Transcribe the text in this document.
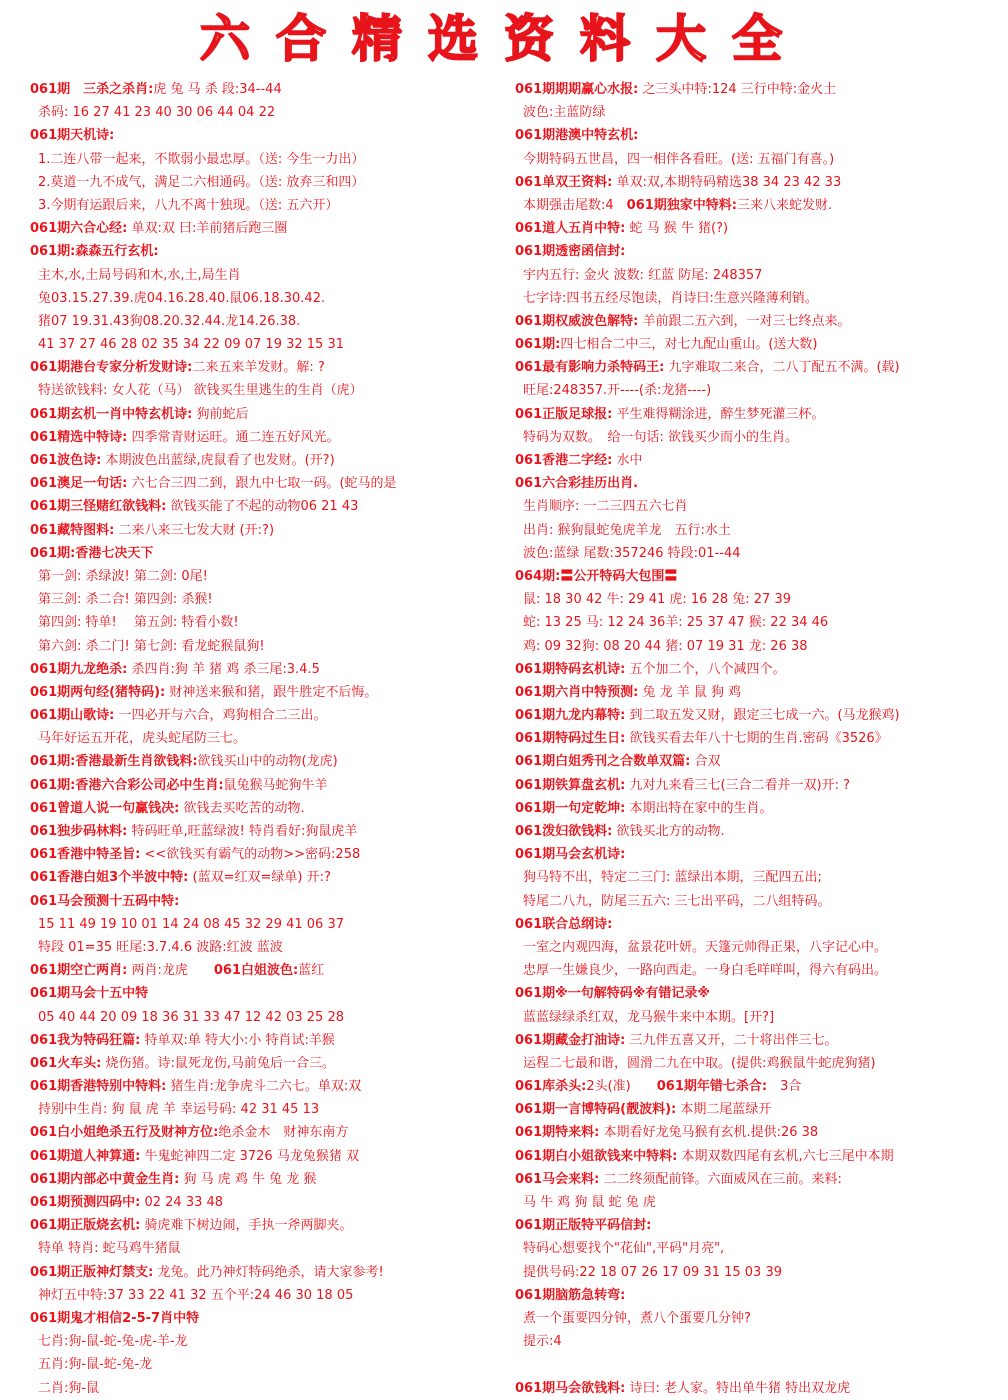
六合精选资料大全
061期　三杀之杀肖:虎 兔 马 杀 段:34--44
杀码: 16 27 41 23 40 30 06 44 04 22
061期天机诗:
1.二连八带一起来，不欺弱小最忠厚。（送: 今生一力出）
2.莫道一九不成气，满足二六相通码。（送: 放弃三和四）
3.今期有运跟后来，八九不离十独现。（送: 五六开）
061期六合心经: 单双:双 曰:羊前猪后跑三圈
061期:森森五行玄机:
主木,水,土局号码和木,水,土,局生肖
兔03.15.27.39.虎04.16.28.40.鼠06.18.30.42.
猪07 19.31.43狗08.20.32.44.龙14.26.38.
41 37 27 46 28 02 35 34 22 09 07 19 32 15 31
061期港台专家分析发财诗:二来五来羊发财。解: ?
特送欲钱料: 女人花（马） 欲钱买生里逃生的生肖（虎）
061期玄机一肖中特玄机诗: 狗前蛇后
061精选中特诗: 四季常青财运旺。通二连五好风光。
061波色诗: 本期波色出蓝绿,虎鼠看了也发财。(开?)
061澳足一句话: 六七合三四二到，跟九中七取一码。(蛇马的是
061期三怪赌红欲钱料: 欲钱买能了不起的动物06 21 43
061藏特图料: 二来八来三七发大财 (开:?)
061期:香港七决天下
第一剑: 杀绿波! 第二剑: 0尾!
第三剑: 杀二合! 第四剑: 杀猴!
第四剑: 特单! 　第五剑: 特看小数!
第六剑: 杀二门! 第七剑: 看龙蛇猴鼠狗!
061期九龙绝杀: 杀四肖:狗 羊 猪 鸡 杀三尾:3.4.5
061期两句经(猪特码): 财神送来猴和猪，跟牛胜定不后悔。
061期山歌诗: 一四必开与六合，鸡狗相合二三出。
马年好运五开花，虎头蛇尾防三七。
061期:香港最新生肖欲钱料:欲钱买山中的动物(龙虎)
061期:香港六合彩公司必中生肖:鼠兔猴马蛇狗牛羊
061曾道人说一句赢钱决: 欲钱去买吃苦的动物.
061独步码林料: 特码旺单,旺蓝绿波! 特肖看好:狗鼠虎羊
061香港中特圣旨: <<欲钱买有霸气的动物>>密码:258
061香港白姐3个半波中特: (蓝双=红双=绿单) 开:?
061马会预测十五码中特:
15 11 49 19 10 01 14 24 08 45 32 29 41 06 37
特段 01=35 旺尾:3.7.4.6 波路:红波 蓝波
061期空亡两肖: 两肖:龙虎　　061白姐波色:蓝红
061期马会十五中特
05 40 44 20 09 18 36 31 33 47 12 42 03 25 28
061我为特码狂篇: 特单双:单 特大小:小 特肖试:羊猴
061火车头: 烧伤猪。诗:鼠死龙伤,马前兔后一合三。
061期香港特别中特料: 猪生肖:龙争虎斗二六七。单双:双
持别中生肖: 狗 鼠 虎 羊 幸运号码: 42 31 45 13
061白小姐绝杀五行及财神方位:绝杀金木　财神东南方
061期道人神算通: 牛鬼蛇神四二定 3726 马龙兔猴猪 双
061期内部必中黄金生肖: 狗 马 虎 鸡 牛 兔 龙 猴
061期预测四码中: 02 24 33 48
061期正版烧玄机: 骑虎难下树边闹，手执一斧两脚夹。
特单 特肖: 蛇马鸡牛猪鼠
061期正版神灯禁支: 龙兔。此乃神灯特码绝杀，请大家参考!
神灯五中特:37 33 22 41 32 五个平:24 46 30 18 05
061期鬼才相信2-5-7肖中特
七肖:狗-鼠-蛇-兔-虎-羊-龙
五肖:狗-鼠-蛇-兔-龙
二肖:狗-鼠
061期期期赢心水报: 之三头中特:124 三行中特:金火土
波色:主蓝防绿
061期港澳中特玄机:
今期特码五世昌，四一相伴各看旺。(送: 五福门有喜。)
061单双王资料: 单双:双,本期特码精选38 34 23 42 33
本期强击尾数:4　061期独家中特料:三来八来蛇发财.
061道人五肖中特: 蛇 马 猴 牛 猪(?)
061期透密函信封:
宇内五行: 金火 波数: 红蓝 防尾: 248357
七字诗:四书五经尽饱读，肖诗曰:生意兴隆薄利销。
061期权威波色解特: 羊前跟二五六到，一对三七终点来。
061期:四七相合二中三，对七九配山重山。(送大数)
061最有影响力杀特码王: 九字难取二来合，二八丁配五不满。(载)
旺尾:248357.开----(杀:龙猪----)
061正版足球报: 平生难得糊涂进，醉生梦死灌三杯。
特码为双数。　给一句话: 欲钱买少而小的生肖。
061香港二字经: 水中
061六合彩挂历出肖.
生肖顺序: 一二三四五六七肖
出肖: 猴狗鼠蛇兔虎羊龙　五行:水土
波色:蓝绿 尾数:357246 特段:01--44
064期:〓公开特码大包围〓
鼠: 18 30 42 牛: 29 41 虎: 16 28 兔: 27 39
蛇: 13 25 马: 12 24 36羊: 25 37 47 猴: 22 34 46
鸡: 09 32狗: 08 20 44 猪: 07 19 31 龙: 26 38
061期特码玄机诗: 五个加二个，八个减四个。
061期六肖中特预测: 兔 龙 羊 鼠 狗 鸡
061期九龙内幕特: 到二取五发又财，跟定三七成一六。(马龙猴鸡)
061期特码过生日: 欲钱买看去年八十七期的生肖.密码《3526》
061期白姐秀刊之合数单双篇: 合双
061期铁算盘玄机: 九对九来看三七(三合二看并一双)开: ?
061期一句定乾坤: 本期出特在家中的生肖。
061泼妇欲钱料: 欲钱买北方的动物.
061期马会玄机诗:
狗马特不出，特定二三门: 蓝绿出本期，三配四五出;
特尾二八九，防尾三五六: 三七出平码，二八组特码。
061联合总纲诗:
一室之内观四海，盆景花叶妍。天篷元帅得正果，八字记心中。
忠厚一生嫌良少，一路向西走。一身白毛咩咩叫，得六有码出。
061期※一句解特码※有错记录※
蓝蓝绿绿杀红双，龙马猴牛来中本期。[开?]
061期藏金打油诗: 三九伴五喜又开，二十将出伴三七。
运程二七最和谐，圆滑二九在中取。(提供:鸡猴鼠牛蛇虎狗猪)
061库杀头:2头(准)　　061期年错七杀合:　3合
061期一言博特码(靓波料): 本期二尾蓝绿开
061期特来料: 本期看好龙兔马猴有玄机.提供:26 38
061期白小姐欲钱来中特料: 本期双数四尾有玄机,六七三尾中本期
061马会来料: 二二终须配前锋。六面威风在三前。来料:
马 牛 鸡 狗 鼠 蛇 兔 虎
061期正版特平码信封:
特码心想要找个"花仙",平码"月亮",
提供号码:22 18 07 26 17 09 31 15 03 39
061期脑筋急转弯:
煮一个蛋要四分钟，煮八个蛋要几分钟?
提示:4
061期马会欲钱料: 诗曰: 老人家。特出单牛猪 特出双龙虎
